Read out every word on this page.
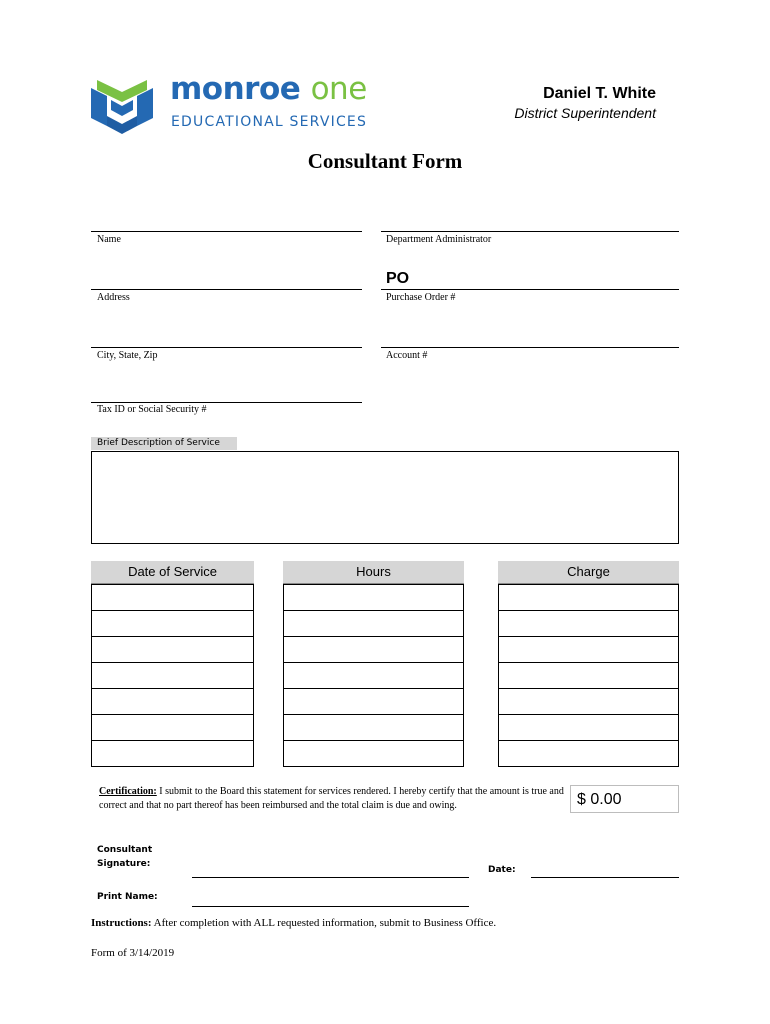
monroe one
EDUCATIONAL SERVICES
Daniel T. White
District Superintendent
Consultant Form
Name	Department Administrator
PO
Address	Purchase Order #
City, State, Zip	Account #
Tax ID or Social Security #
Brief Description of Service
Date of Service	Hours	Charge
Certification: I submit to the Board this statement for services rendered. I hereby certify that the amount is true and correct and that no part thereof has been reimbursed and the total claim is due and owing.	$ 0.00
Consultant
Signature:
Date:
Print Name:
Instructions: After completion with ALL requested information, submit to Business Office.
Form of 3/14/2019
